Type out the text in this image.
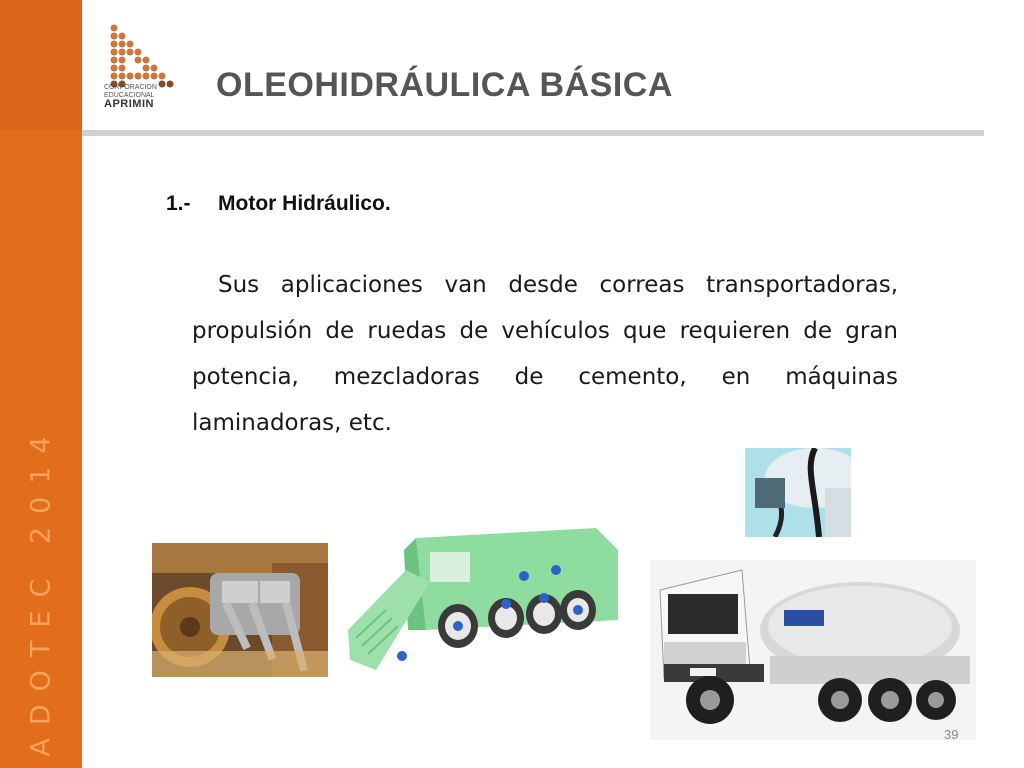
ADOTEC 2014
CORPORACION
EDUCACIONAL
APRIMIN	OLEOHIDRÁULICA BÁSICA
1.- Motor Hidráulico.
Sus aplicaciones van desde correas transportadoras, propulsión de ruedas de vehículos que requieren de gran potencia, mezcladoras de cemento, en máquinas laminadoras, etc.
39
